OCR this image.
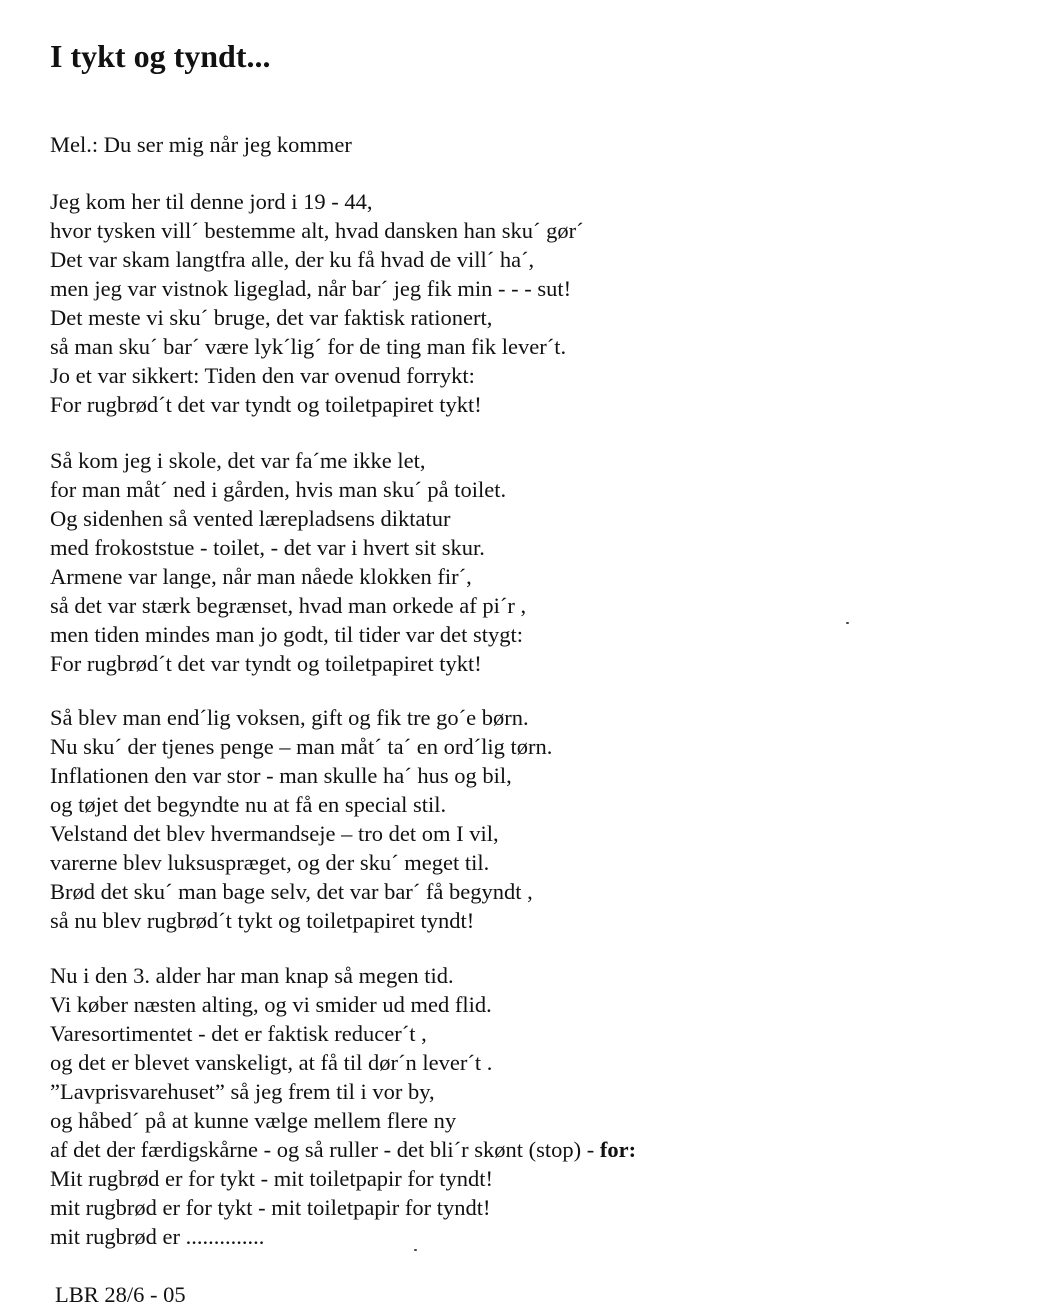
I tykt og tyndt...
Mel.: Du ser mig når jeg kommer
Jeg kom her til denne jord i 19 - 44,
hvor tysken vill´ bestemme alt, hvad dansken han sku´ gør´
Det var skam langtfra alle, der ku få hvad de vill´ ha´,
men jeg var vistnok ligeglad, når bar´ jeg fik min - - - sut!
Det meste vi sku´ bruge, det var faktisk rationert,
så man sku´ bar´ være lyk´lig´ for de ting man fik lever´t.
Jo et var sikkert: Tiden den var ovenud forrykt:
For rugbrød´t det var tyndt og toiletpapiret tykt!
Så kom jeg i skole, det var fa´me ikke let,
for man måt´ ned i gården, hvis man sku´ på toilet.
Og sidenhen så vented lærepladsens diktatur
med frokoststue - toilet, - det var i hvert sit skur.
Armene var lange, når man nåede klokken fir´,
så det var stærk begrænset, hvad man orkede af pi´r ,
men tiden mindes man jo godt, til tider var det stygt:
For rugbrød´t det var tyndt og toiletpapiret tykt!
Så blev man end´lig voksen, gift og fik tre go´e børn.
Nu sku´ der tjenes penge – man måt´ ta´ en ord´lig tørn.
Inflationen den var stor - man skulle ha´ hus og bil,
og tøjet det begyndte nu at få en special stil.
Velstand det blev hvermandseje – tro det om I vil,
varerne blev luksuspræget, og der sku´ meget til.
Brød det sku´ man bage selv, det var bar´ få begyndt ,
så nu blev rugbrød´t tykt og toiletpapiret tyndt!
Nu i den 3. alder har man knap så megen tid.
Vi køber næsten alting, og vi smider ud med flid.
Varesortimentet - det er faktisk reducer´t ,
og det er blevet vanskeligt, at få til dør´n lever´t .
”Lavprisvarehuset” så jeg frem til i vor by,
og håbed´ på at kunne vælge mellem flere ny
af det der færdigskårne - og så ruller - det bli´r skønt (stop) - for:
Mit rugbrød er for tykt - mit toiletpapir for tyndt!
mit rugbrød er for tykt - mit toiletpapir for tyndt!
mit rugbrød er ..............
LBR 28/6 - 05
